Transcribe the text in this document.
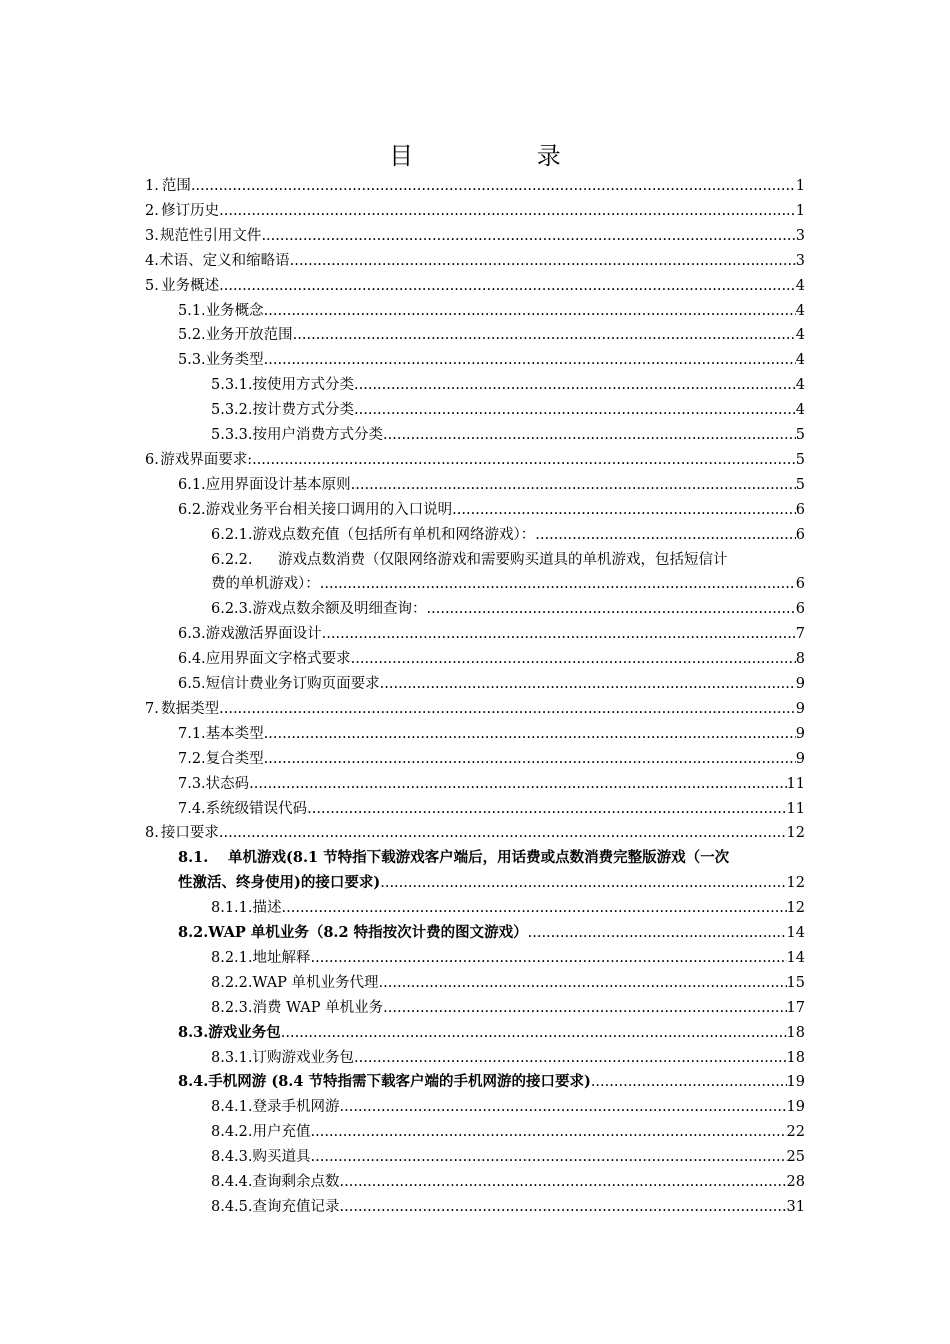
目 录
1. 范围 .....	1
2. 修订历史 .....	1
3. 规范性引用文件 .....	3
4. 术语、定义和缩略语 .....	3
5. 业务概述 .....	4
5.1. 业务概念 .....	4
5.2. 业务开放范围 .....	4
5.3. 业务类型 .....	4
5.3.1. 按使用方式分类 .....	4
5.3.2. 按计费方式分类 .....	4
5.3.3. 按用户消费方式分类 .....	5
6. 游戏界面要求: .....	5
6.1. 应用界面设计基本原则 .....	5
6.2. 游戏业务平台相关接口调用的入口说明 .....	6
6.2.1. 游戏点数充值（包括所有单机和网络游戏）： .....	6
6.2.2. 游戏点数消费（仅限网络游戏和需要购买道具的单机游戏，包括短信计
费的单机游戏）： .....	6
6.2.3. 游戏点数余额及明细查询： .....	6
6.3. 游戏激活界面设计 .....	7
6.4. 应用界面文字格式要求 .....	8
6.5. 短信计费业务订购页面要求 .....	9
7. 数据类型 .....	9
7.1. 基本类型 .....	9
7.2. 复合类型 .....	9
7.3. 状态码 .....	11
7.4. 系统级错误代码 .....	11
8. 接口要求 .....	12
8.1. 单机游戏(8.1 节特指下载游戏客户端后，用话费或点数消费完整版游戏（一次
性激活、终身使用)的接口要求) .....	12
8.1.1. 描述 .....	12
8.2. WAP 单机业务（8.2 特指按次计费的图文游戏） .....	14
8.2.1. 地址解释 .....	14
8.2.2. WAP 单机业务代理 .....	15
8.2.3. 消费 WAP 单机业务 .....	17
8.3. 游戏业务包 .....	18
8.3.1. 订购游戏业务包 .....	18
8.4. 手机网游 (8.4 节特指需下载客户端的手机网游的接口要求) .....	19
8.4.1. 登录手机网游 .....	19
8.4.2. 用户充值 .....	22
8.4.3. 购买道具 .....	25
8.4.4. 查询剩余点数 .....	28
8.4.5. 查询充值记录 .....	31
